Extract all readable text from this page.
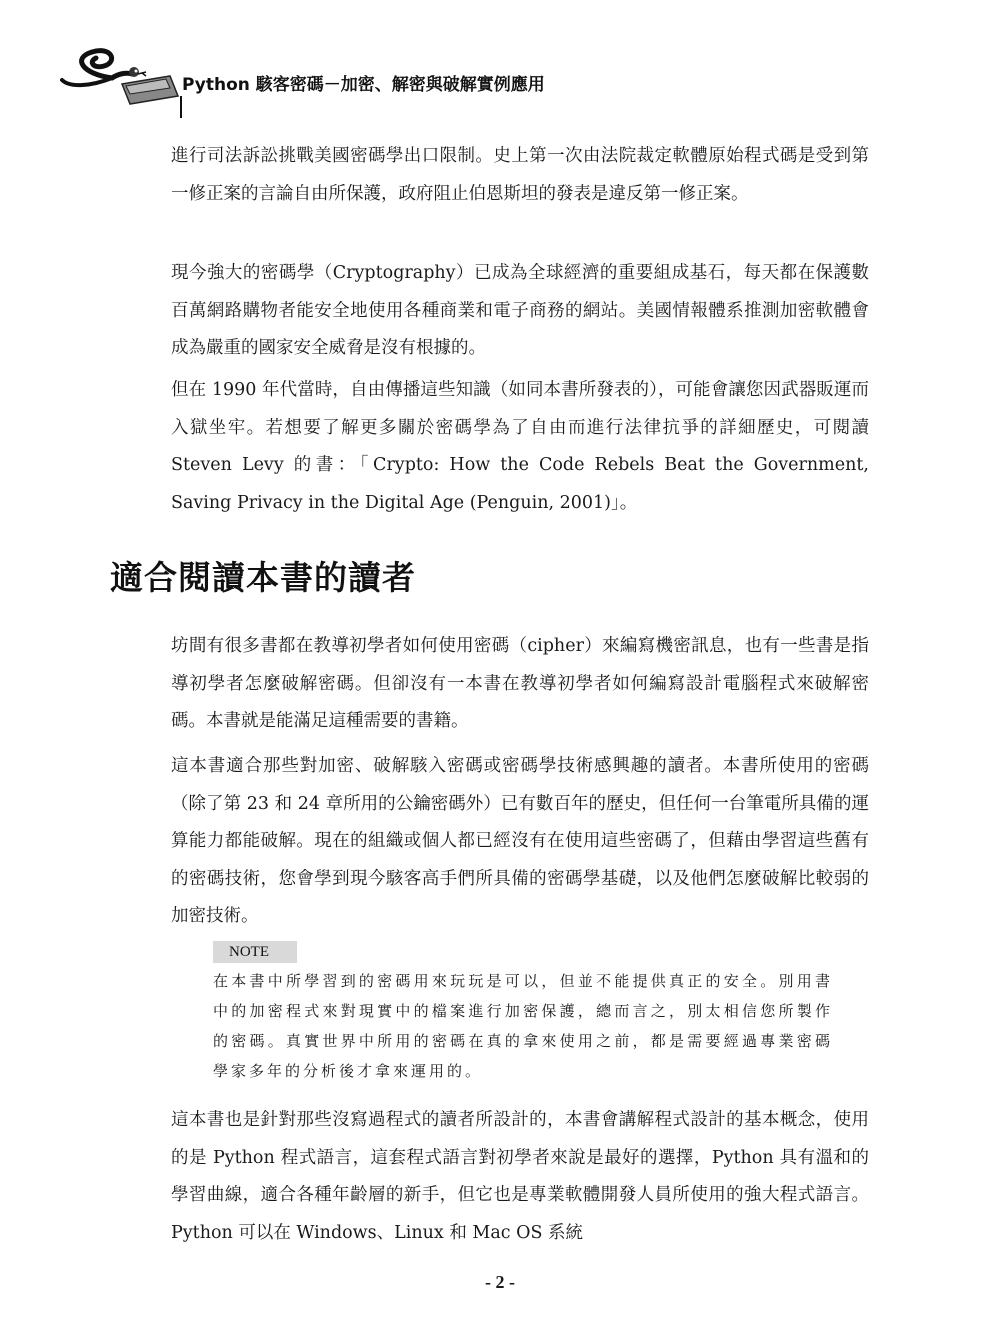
Python 駭客密碼－加密、解密與破解實例應用

進行司法訴訟挑戰美國密碼學出口限制。史上第一次由法院裁定軟體原始程式碼是受到第一修正案的言論自由所保護，政府阻止伯恩斯坦的發表是違反第一修正案。

現今強大的密碼學（Cryptography）已成為全球經濟的重要組成基石，每天都在保護數百萬網路購物者能安全地使用各種商業和電子商務的網站。美國情報體系推測加密軟體會成為嚴重的國家安全威脅是沒有根據的。

但在 1990 年代當時，自由傳播這些知識（如同本書所發表的），可能會讓您因武器販運而入獄坐牢。若想要了解更多關於密碼學為了自由而進行法律抗爭的詳細歷史，可閱讀 Steven Levy 的書：「Crypto: How the Code Rebels Beat the Government, Saving Privacy in the Digital Age (Penguin, 2001)」。

適合閱讀本書的讀者

坊間有很多書都在教導初學者如何使用密碼（cipher）來編寫機密訊息，也有一些書是指導初學者怎麼破解密碼。但卻沒有一本書在教導初學者如何編寫設計電腦程式來破解密碼。本書就是能滿足這種需要的書籍。

這本書適合那些對加密、破解駭入密碼或密碼學技術感興趣的讀者。本書所使用的密碼（除了第 23 和 24 章所用的公鑰密碼外）已有數百年的歷史，但任何一台筆電所具備的運算能力都能破解。現在的組織或個人都已經沒有在使用這些密碼了，但藉由學習這些舊有的密碼技術，您會學到現今駭客高手們所具備的密碼學基礎，以及他們怎麼破解比較弱的加密技術。

NOTE

在本書中所學習到的密碼用來玩玩是可以，但並不能提供真正的安全。別用書中的加密程式來對現實中的檔案進行加密保護，總而言之，別太相信您所製作的密碼。真實世界中所用的密碼在真的拿來使用之前，都是需要經過專業密碼學家多年的分析後才拿來運用的。

這本書也是針對那些沒寫過程式的讀者所設計的，本書會講解程式設計的基本概念，使用的是 Python 程式語言，這套程式語言對初學者來說是最好的選擇，Python 具有溫和的學習曲線，適合各種年齡層的新手，但它也是專業軟體開發人員所使用的強大程式語言。Python 可以在 Windows、Linux 和 Mac OS 系統

- 2 -
